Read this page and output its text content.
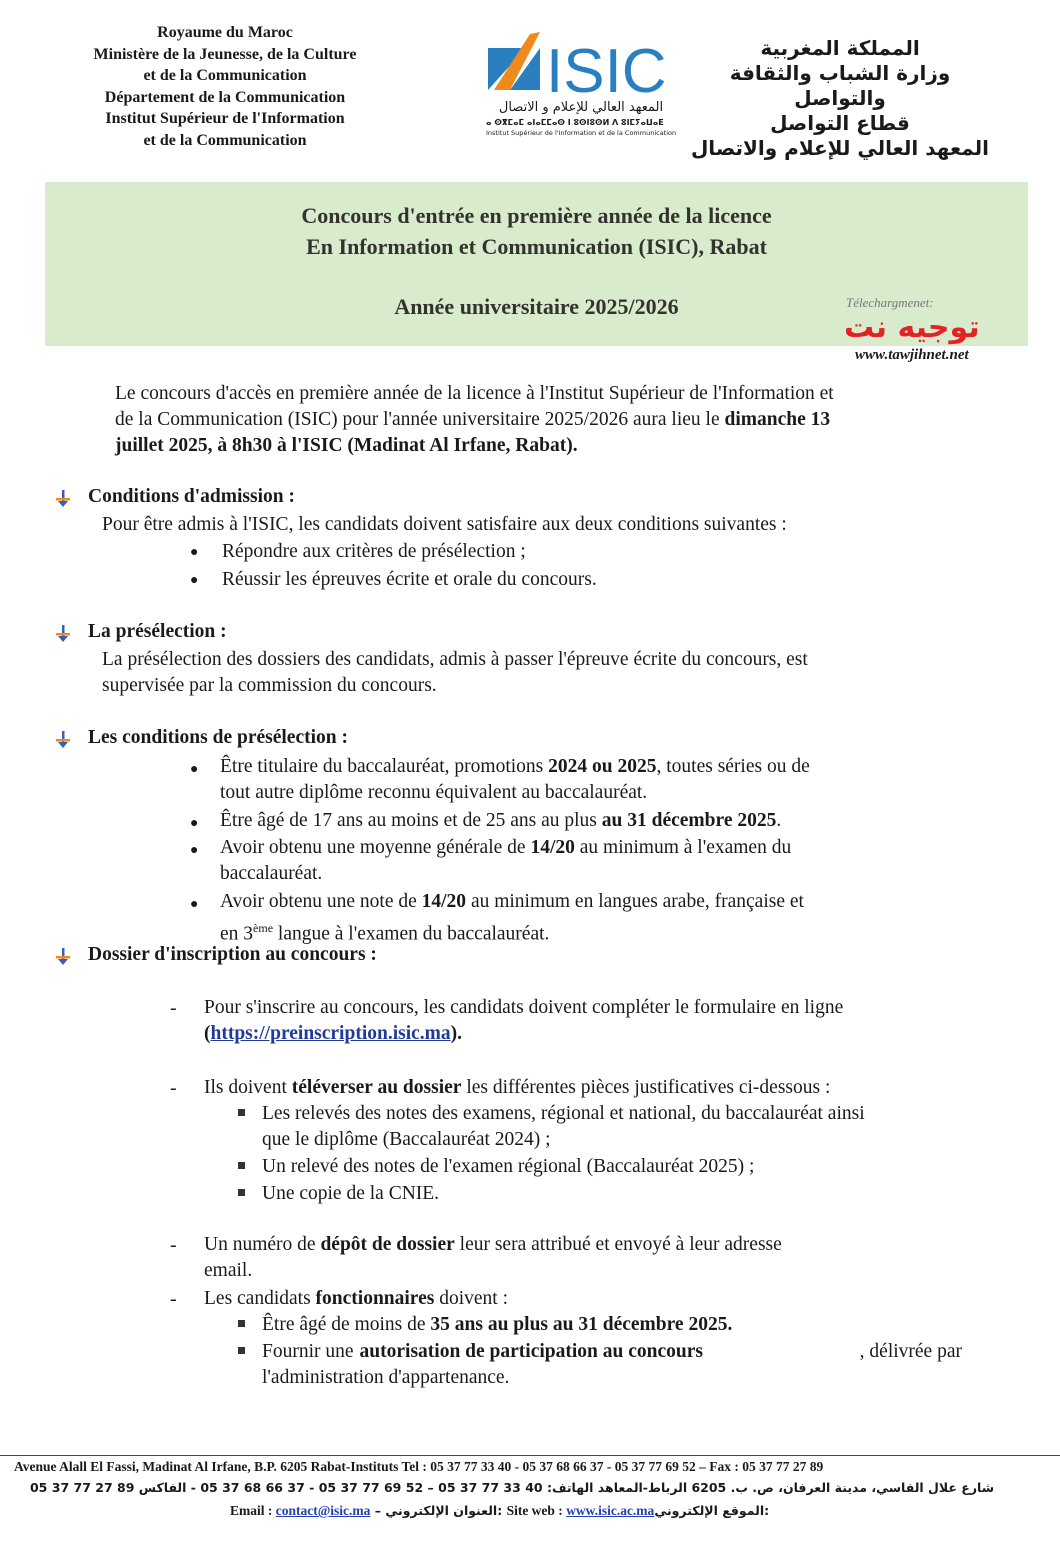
Royaume du Maroc
Ministère de la Jeunesse, de la Culture
et de la Communication
Département de la Communication
Institut Supérieur de l'Information
et de la Communication
ISIC
المعهد العالي للإعلام و الاتصال
ⴰ ⵙⴳⵎⴰⵎ ⴰⵏⴰⵎⵎⴰⵙ ⵏ ⵓⵙⵏⵓⵙⵍ ⴷ ⵓⵏⵎⵢⴰⵡⴰⴹ
Institut Supérieur de l'Information et de la Communication
المملكة المغربية
وزارة الشباب والثقافة والتواصل
قطاع التواصل
المعهد العالي للإعلام والاتصال
Concours d'entrée en première année de la licence
En Information et Communication (ISIC), Rabat
Année universitaire 2025/2026	Télechargmenet:
توجيه نت
www.tawjihnet.net
Le concours d'accès en première année de la licence à l'Institut Supérieur de l'Information et
de la Communication (ISIC) pour l'année universitaire 2025/2026 aura lieu le dimanche 13
juillet 2025, à 8h30 à l'ISIC (Madinat Al Irfane, Rabat).
Conditions d'admission :
Pour être admis à l'ISIC, les candidats doivent satisfaire aux deux conditions suivantes :
● Répondre aux critères de présélection ;
● Réussir les épreuves écrite et orale du concours.
La présélection :
La présélection des dossiers des candidats, admis à passer l'épreuve écrite du concours, est
supervisée par la commission du concours.
Les conditions de présélection :
● Être titulaire du baccalauréat, promotions 2024 ou 2025, toutes séries ou de
tout autre diplôme reconnu équivalent au baccalauréat.
● Être âgé de 17 ans au moins et de 25 ans au plus au 31 décembre 2025.
● Avoir obtenu une moyenne générale de 14/20 au minimum à l'examen du
baccalauréat.
● Avoir obtenu une note de 14/20 au minimum en langues arabe, française et
en 3ème langue à l'examen du baccalauréat.
Dossier d'inscription au concours :
- Pour s'inscrire au concours, les candidats doivent compléter le formulaire en ligne
(https://preinscription.isic.ma).
- Ils doivent téléverser au dossier les différentes pièces justificatives ci-dessous :
Les relevés des notes des examens, régional et national, du baccalauréat ainsi
que le diplôme (Baccalauréat 2024) ;
Un relevé des notes de l'examen régional (Baccalauréat 2025) ;
Une copie de la CNIE.
- Un numéro de dépôt de dossier leur sera attribué et envoyé à leur adresse
email.
- Les candidats fonctionnaires doivent :
Être âgé de moins de 35 ans au plus au 31 décembre 2025.
Fournir une autorisation de participation au concours	, délivrée par
l'administration d'appartenance.
Avenue Alall El Fassi, Madinat Al Irfane, B.P. 6205 Rabat-Instituts Tel : 05 37 77 33 40 - 05 37 68 66 37 - 05 37 77 69 52 – Fax : 05 37 77 27 89
شارع علال الفاسي، مدينة العرفان، ص. ب. 6205 الرباط-المعاهد الهاتف: 40 33 77 37 05 – 52 69 77 37 05 - 37 66 68 37 05 - الفاكس 89 27 77 37 05
Email : contact@isic.ma :العنوان الإلكتروني – Site web : www.isic.ac.ma :الموقع الإلكتروني
